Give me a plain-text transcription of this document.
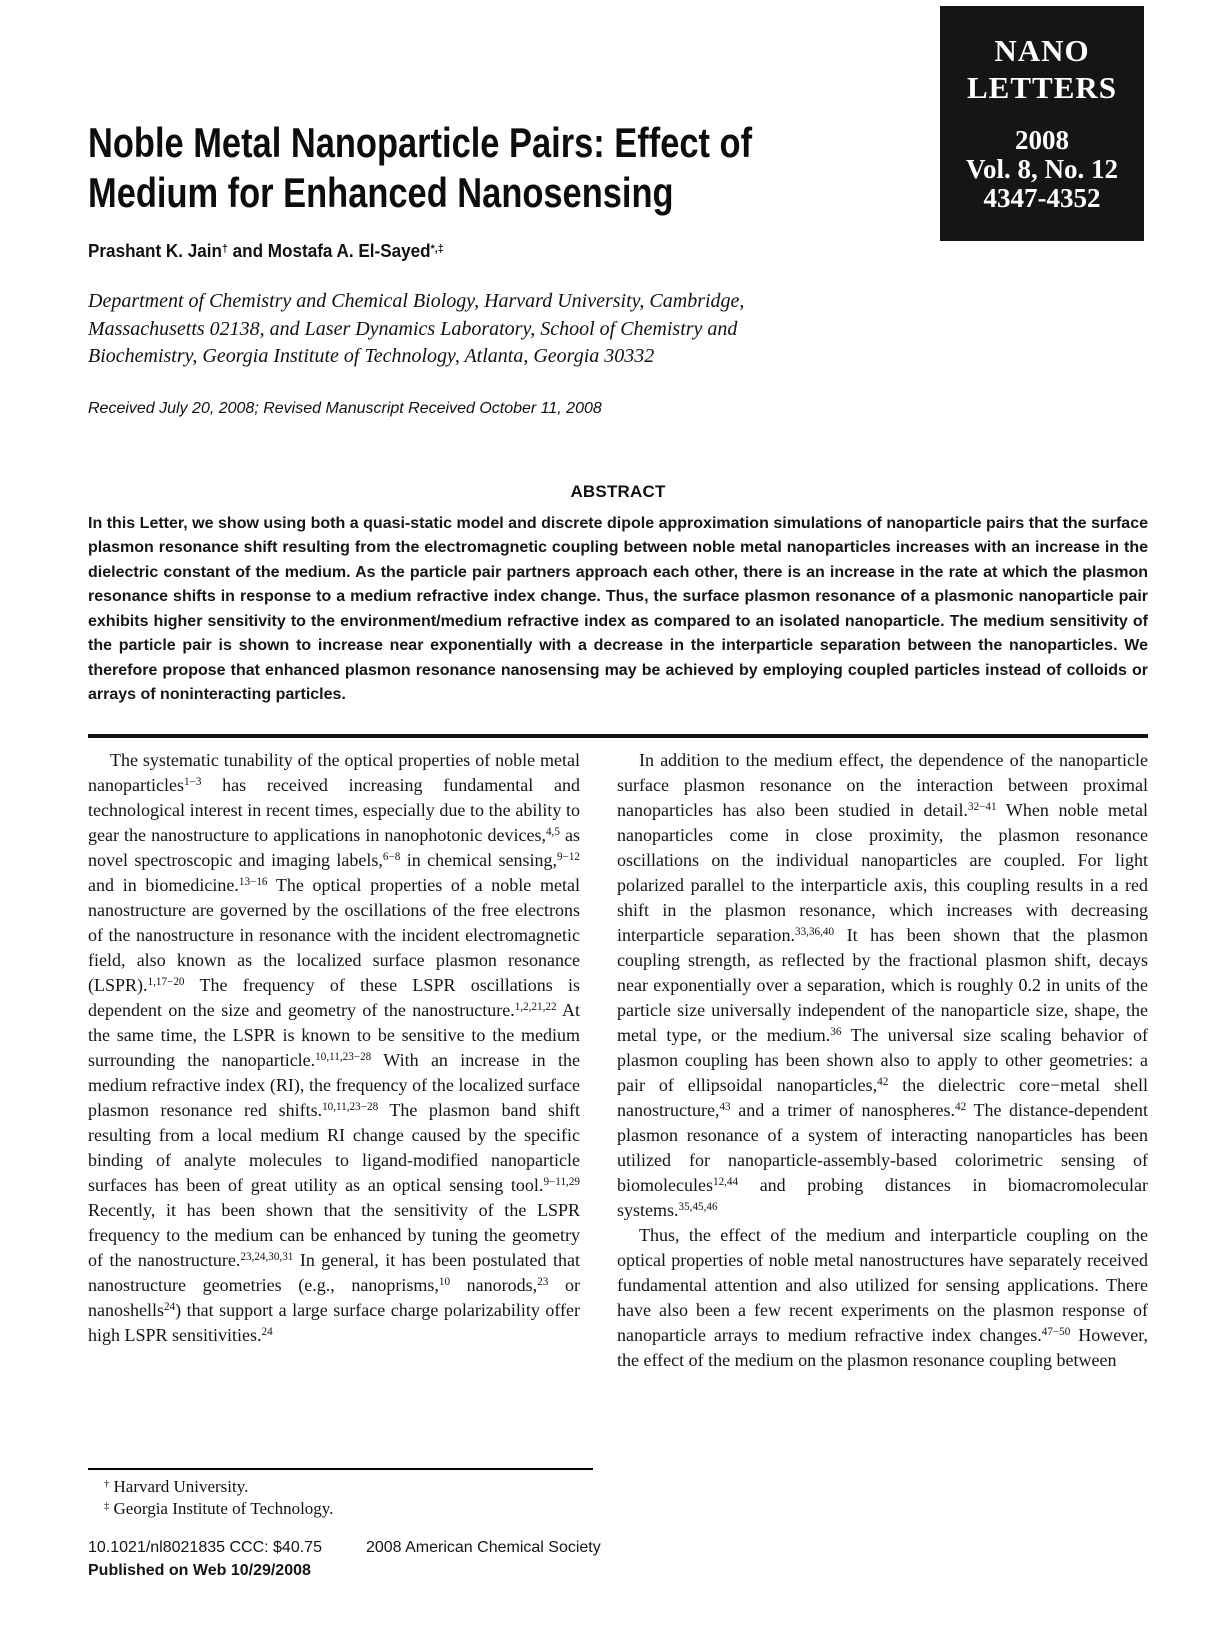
NANO
LETTERS
2008
Vol. 8, No. 12
4347-4352
Noble Metal Nanoparticle Pairs: Effect of
Medium for Enhanced Nanosensing
Prashant K. Jain† and Mostafa A. El-Sayed*,‡
Department of Chemistry and Chemical Biology, Harvard University, Cambridge, Massachusetts 02138, and Laser Dynamics Laboratory, School of Chemistry and Biochemistry, Georgia Institute of Technology, Atlanta, Georgia 30332
Received July 20, 2008; Revised Manuscript Received October 11, 2008
ABSTRACT
In this Letter, we show using both a quasi-static model and discrete dipole approximation simulations of nanoparticle pairs that the surface plasmon resonance shift resulting from the electromagnetic coupling between noble metal nanoparticles increases with an increase in the dielectric constant of the medium. As the particle pair partners approach each other, there is an increase in the rate at which the plasmon resonance shifts in response to a medium refractive index change. Thus, the surface plasmon resonance of a plasmonic nanoparticle pair exhibits higher sensitivity to the environment/medium refractive index as compared to an isolated nanoparticle. The medium sensitivity of the particle pair is shown to increase near exponentially with a decrease in the interparticle separation between the nanoparticles. We therefore propose that enhanced plasmon resonance nanosensing may be achieved by employing coupled particles instead of colloids or arrays of noninteracting particles.

The systematic tunability of the optical properties of noble metal nanoparticles$^{1-3}$ has received increasing fundamental and technological interest in recent times, especially due to the ability to gear the nanostructure to applications in nanophotonic devices,$^{4,5}$ as novel spectroscopic and imaging labels,$^{6-8}$ in chemical sensing,$^{9-12}$ and in biomedicine.$^{13-16}$ The optical properties of a noble metal nanostructure are governed by the oscillations of the free electrons of the nanostructure in resonance with the incident electromagnetic field, also known as the localized surface plasmon resonance (LSPR).$^{1,17-20}$ The frequency of these LSPR oscillations is dependent on the size and geometry of the nanostructure.$^{1,2,21,22}$ At the same time, the LSPR is known to be sensitive to the medium surrounding the nanoparticle.$^{10,11,23-28}$ With an increase in the medium refractive index (RI), the frequency of the localized surface plasmon resonance red shifts.$^{10,11,23-28}$ The plasmon band shift resulting from a local medium RI change caused by the specific binding of analyte molecules to ligand-modified nanoparticle surfaces has been of great utility as an optical sensing tool.$^{9-11,29}$ Recently, it has been shown that the sensitivity of the LSPR frequency to the medium can be enhanced by tuning the geometry of the nanostructure.$^{23,24,30,31}$ In general, it has been postulated that nanostructure geometries (e.g., nanoprisms,$^{10}$ nanorods,$^{23}$ or nanoshells$^{24}$) that support a large surface charge polarizability offer high LSPR sensitivities.$^{24}$

In addition to the medium effect, the dependence of the nanoparticle surface plasmon resonance on the interaction between proximal nanoparticles has also been studied in detail.$^{32-41}$ When noble metal nanoparticles come in close proximity, the plasmon resonance oscillations on the individual nanoparticles are coupled. For light polarized parallel to the interparticle axis, this coupling results in a red shift in the plasmon resonance, which increases with decreasing interparticle separation.$^{33,36,40}$ It has been shown that the plasmon coupling strength, as reflected by the fractional plasmon shift, decays near exponentially over a separation, which is roughly 0.2 in units of the particle size universally independent of the nanoparticle size, shape, the metal type, or the medium.$^{36}$ The universal size scaling behavior of plasmon coupling has been shown also to apply to other geometries: a pair of ellipsoidal nanoparticles,$^{42}$ the dielectric core−metal shell nanostructure,$^{43}$ and a trimer of nanospheres.$^{42}$ The distance-dependent plasmon resonance of a system of interacting nanoparticles has been utilized for nanoparticle-assembly-based colorimetric sensing of biomolecules$^{12,44}$ and probing distances in biomacromolecular systems.$^{35,45,46}$

Thus, the effect of the medium and interparticle coupling on the optical properties of noble metal nanostructures have separately received fundamental attention and also utilized for sensing applications. There have also been a few recent experiments on the plasmon response of nanoparticle arrays to medium refractive index changes.$^{47-50}$ However, the effect of the medium on the plasmon resonance coupling between

† Harvard University.

‡ Georgia Institute of Technology.

10.1021/nl8021835 CCC: $40.75	2008 American Chemical Society
Published on Web 10/29/2008
